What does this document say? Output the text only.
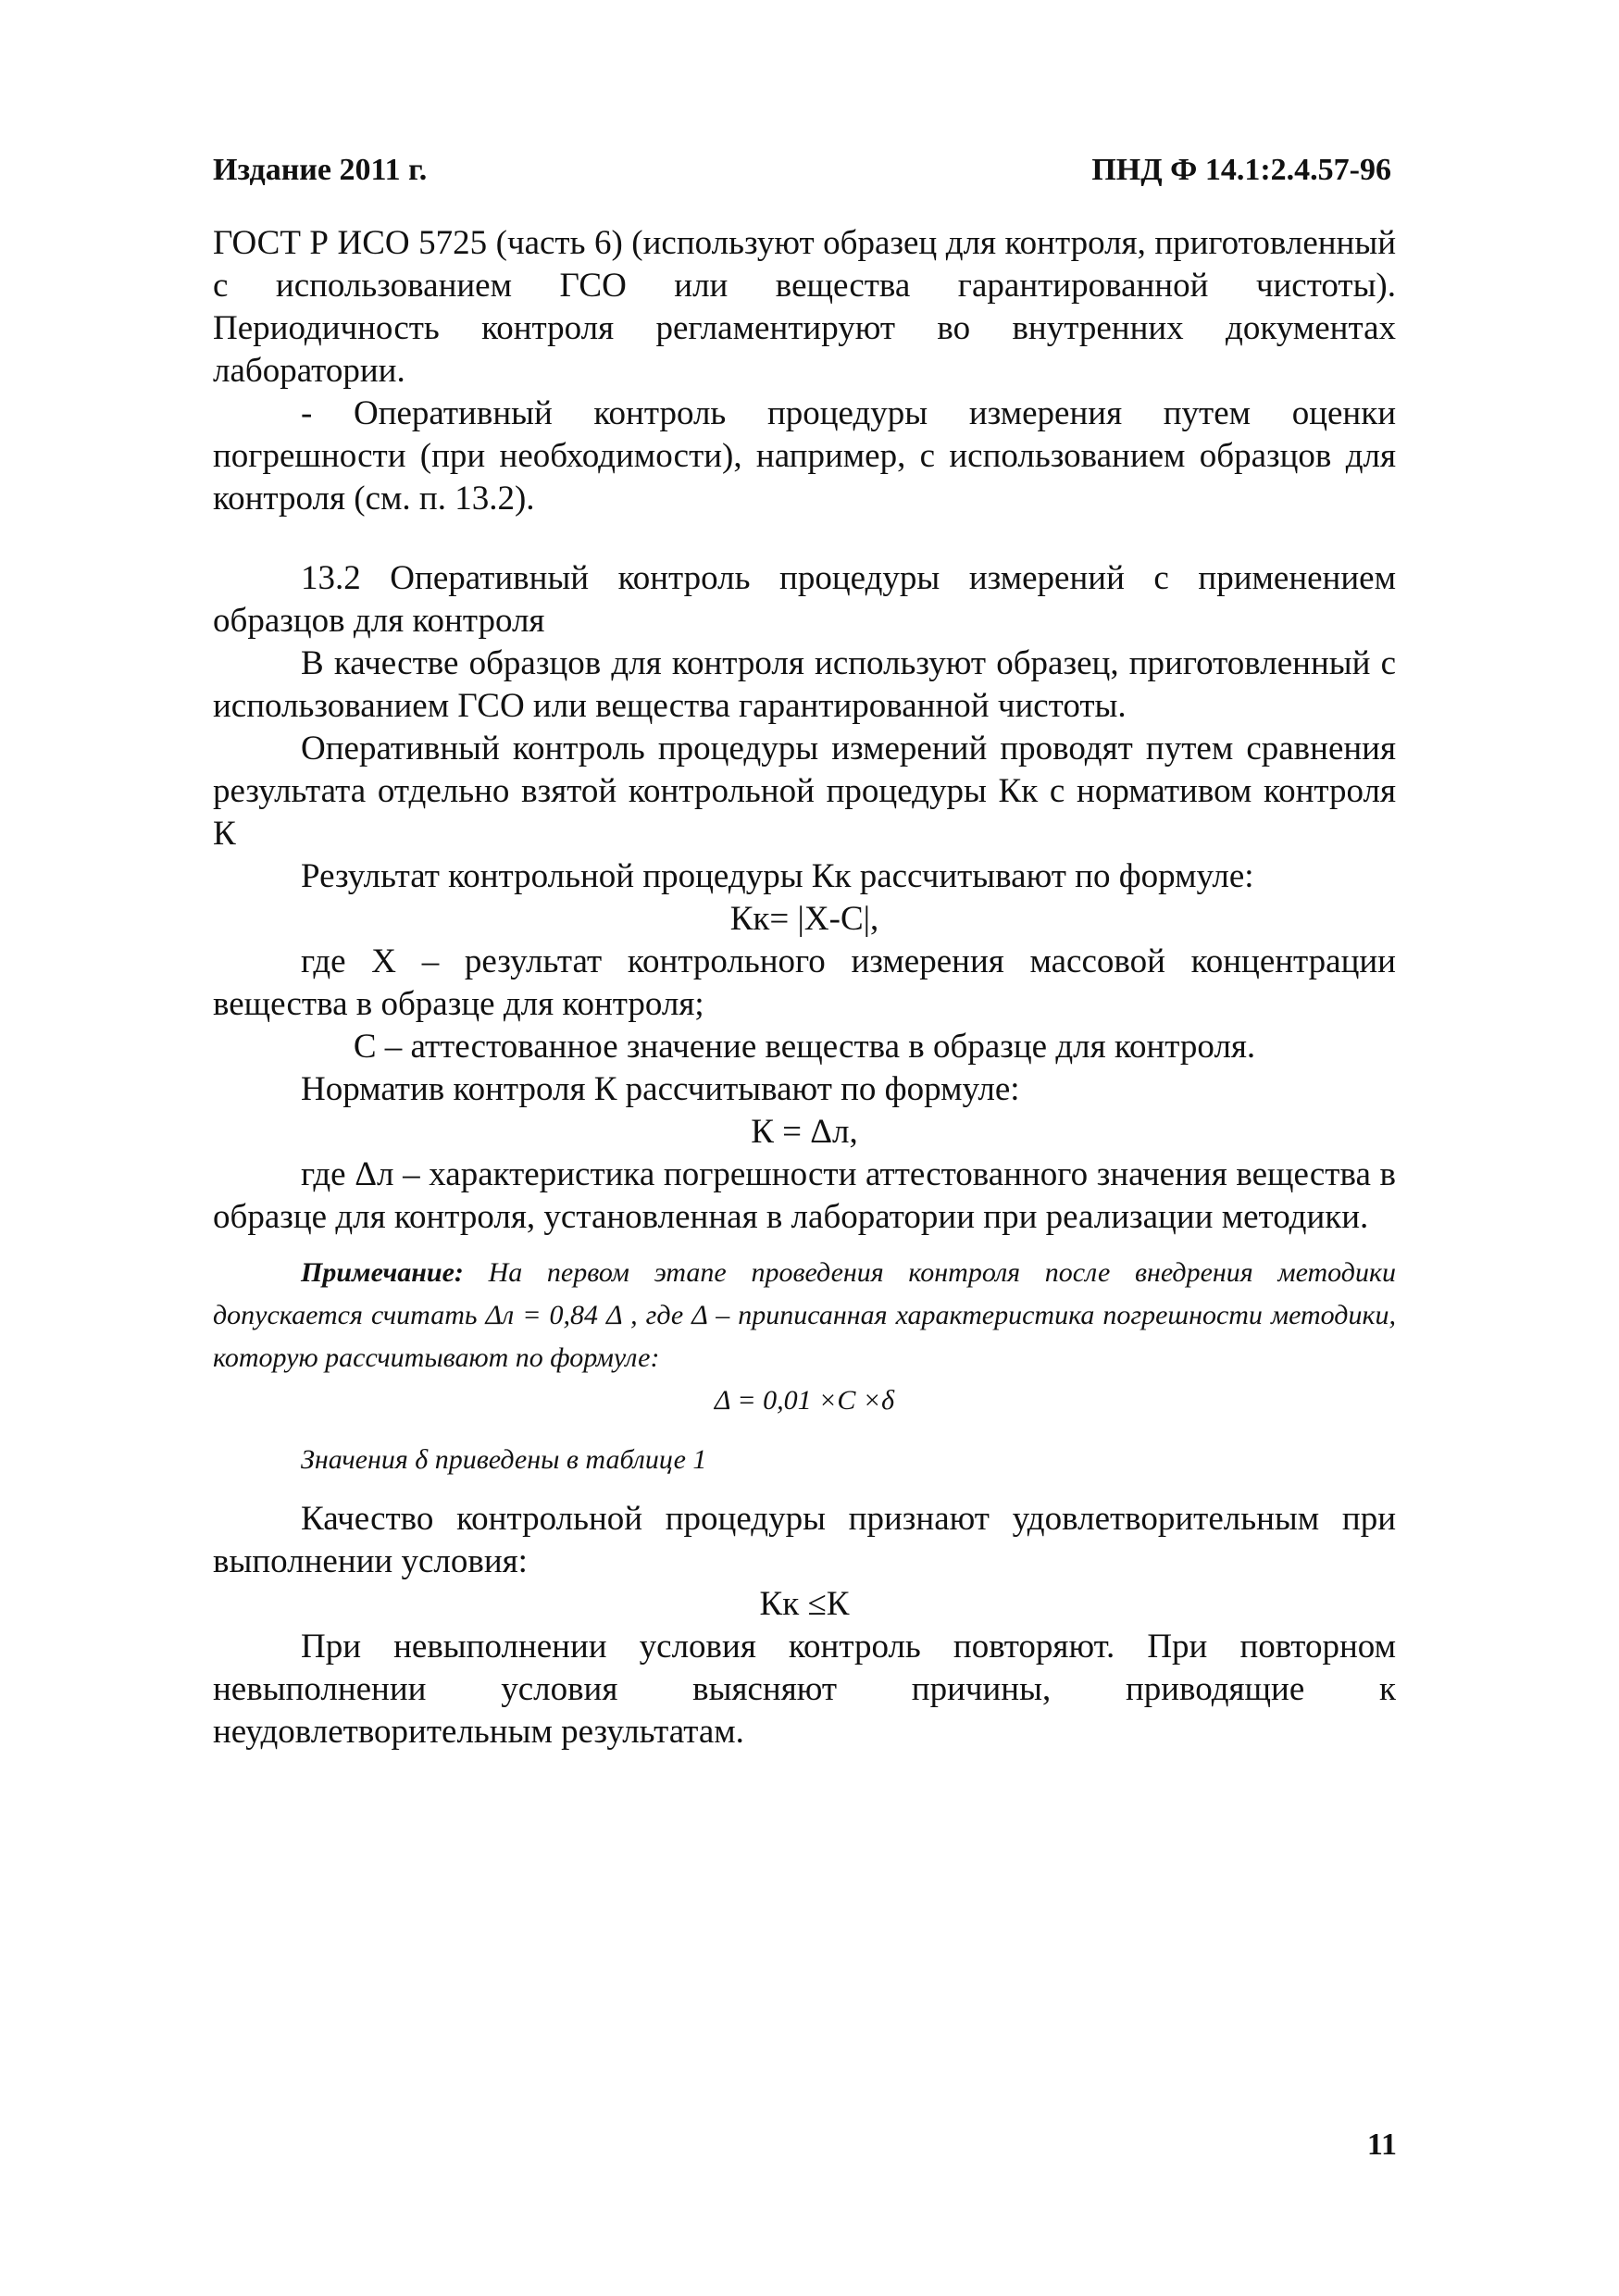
Издание 2011 г.	ПНД Ф 14.1:2.4.57-96

ГОСТ Р ИСО 5725 (часть 6) (используют образец для контроля, приготовленный с использованием ГСО или вещества гарантированной чистоты). Периодичность контроля регламентируют во внутренних документах лаборатории.

- Оперативный контроль процедуры измерения путем оценки погрешности (при необходимости), например, с использованием образцов для контроля (см. п. 13.2).

13.2 Оперативный контроль процедуры измерений с применением образцов для контроля

В качестве образцов для контроля используют образец, приготовленный с использованием ГСО или вещества гарантированной чистоты.

Оперативный контроль процедуры измерений проводят путем сравнения результата отдельно взятой контрольной процедуры Кк с нормативом контроля К

Результат контрольной процедуры Кк рассчитывают по формуле:

Кк= |Х-С|,

где Х – результат контрольного измерения массовой концентрации вещества в образце для контроля;

С – аттестованное значение вещества в образце для контроля.

Норматив контроля К рассчитывают по формуле:

К = Δл,

где Δл – характеристика погрешности аттестованного значения вещества в образце для контроля, установленная в лаборатории при реализации методики.

Примечание: На первом этапе проведения контроля после внедрения методики допускается считать Δл = 0,84 Δ , где Δ – приписанная характеристика погрешности методики, которую рассчитывают по формуле:

Δ = 0,01 ×С ×δ

Значения δ приведены в таблице 1

Качество контрольной процедуры признают удовлетворительным при выполнении условия:

Кк ≤К

При невыполнении условия контроль повторяют. При повторном невыполнении условия выясняют причины, приводящие к неудовлетворительным результатам.

11
